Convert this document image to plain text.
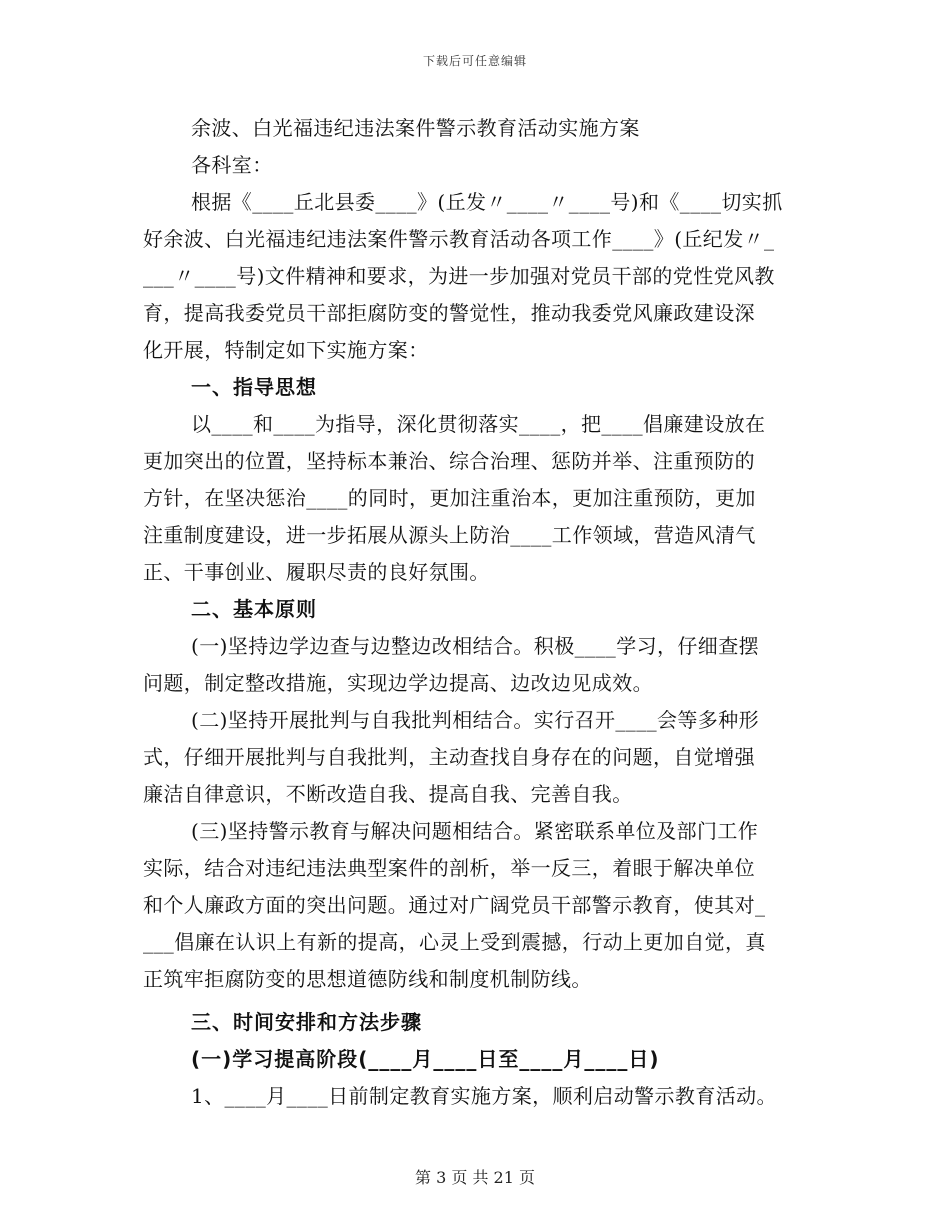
下载后可任意编辑
余波、白光福违纪违法案件警示教育活动实施方案
各科室：
根据《____丘北县委____》(丘发〃____〃____号)和《____切实抓
好余波、白光福违纪违法案件警示教育活动各项工作____》(丘纪发〃_
___〃____号)文件精神和要求，为进一步加强对党员干部的党性党风教
育，提高我委党员干部拒腐防变的警觉性，推动我委党风廉政建设深
化开展，特制定如下实施方案：
一、指导思想
以____和____为指导，深化贯彻落实____，把____倡廉建设放在
更加突出的位置，坚持标本兼治、综合治理、惩防并举、注重预防的
方针，在坚决惩治____的同时，更加注重治本，更加注重预防，更加
注重制度建设，进一步拓展从源头上防治____工作领域，营造风清气
正、干事创业、履职尽责的良好氛围。
二、基本原则
(一)坚持边学边查与边整边改相结合。积极____学习，仔细查摆
问题，制定整改措施，实现边学边提高、边改边见成效。
(二)坚持开展批判与自我批判相结合。实行召开____会等多种形
式，仔细开展批判与自我批判，主动查找自身存在的问题，自觉增强
廉洁自律意识，不断改造自我、提高自我、完善自我。
(三)坚持警示教育与解决问题相结合。紧密联系单位及部门工作
实际，结合对违纪违法典型案件的剖析，举一反三，着眼于解决单位
和个人廉政方面的突出问题。通过对广阔党员干部警示教育，使其对_
___倡廉在认识上有新的提高，心灵上受到震撼，行动上更加自觉，真
正筑牢拒腐防变的思想道德防线和制度机制防线。
三、时间安排和方法步骤
(一)学习提高阶段(____月____日至____月____日)
1、____月____日前制定教育实施方案，顺利启动警示教育活动。
第 3 页 共 21 页
